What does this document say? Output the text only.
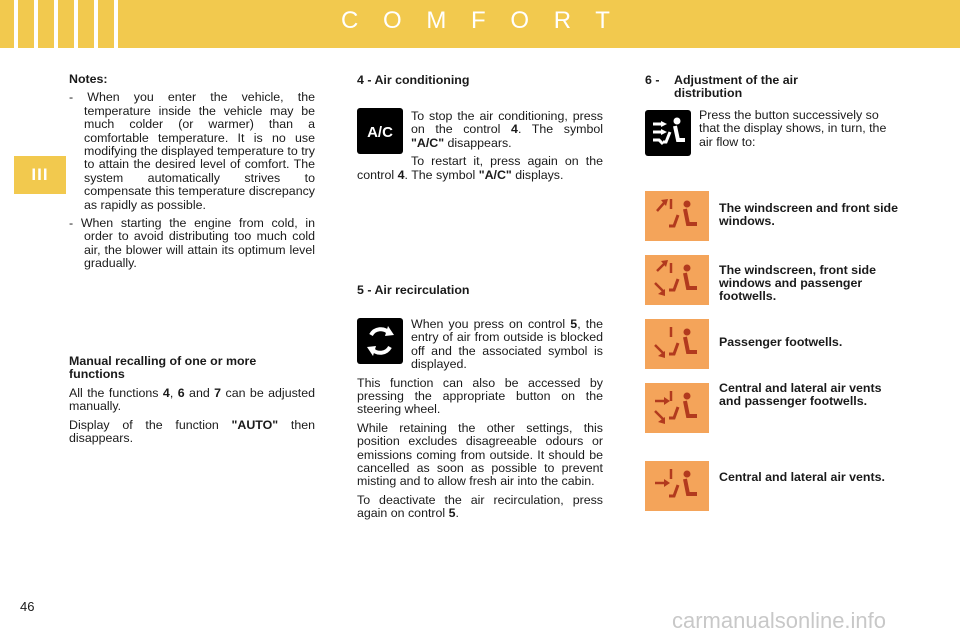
C O M F O R T
III

Notes:

- When you enter the vehicle, the temperature inside the vehicle may be much colder (or warmer) than a comfortable temperature. It is no use modifying the displayed temperature to try to attain the desired level of comfort. The system automatically strives to compensate this temperature discrepancy as rapidly as possible.

- When starting the engine from cold, in order to avoid distributing too much cold air, the blower will attain its optimum level gradually.

Manual recalling of one or more functions

All the functions 4, 6 and 7 can be adjusted manually.

Display of the function "AUTO" then disappears.

4 - Air conditioning
A/C

To stop the air conditioning, press on the control 4. The symbol "A/C" disappears.

To restart it, press again on the control 4. The symbol "A/C" displays.

5 - Air recirculation

When you press on control 5, the entry of air from outside is blocked off and the associated symbol is displayed.

This function can also be accessed by pressing the appropriate button on the steering wheel.

While retaining the other settings, this position excludes disagreeable odours or emissions coming from outside. It should be cancelled as soon as possible to prevent misting and to allow fresh air into the cabin.

To deactivate the air recirculation, press again on control 5.

6 - Adjustment of the air distribution
Press the button successively so that the display shows, in turn, the air flow to:
The windscreen and front side windows.
The windscreen, front side windows and passenger footwells.
Passenger footwells.
Central and lateral air vents and passenger footwells.
Central and lateral air vents.
46
carmanualsonline.info
